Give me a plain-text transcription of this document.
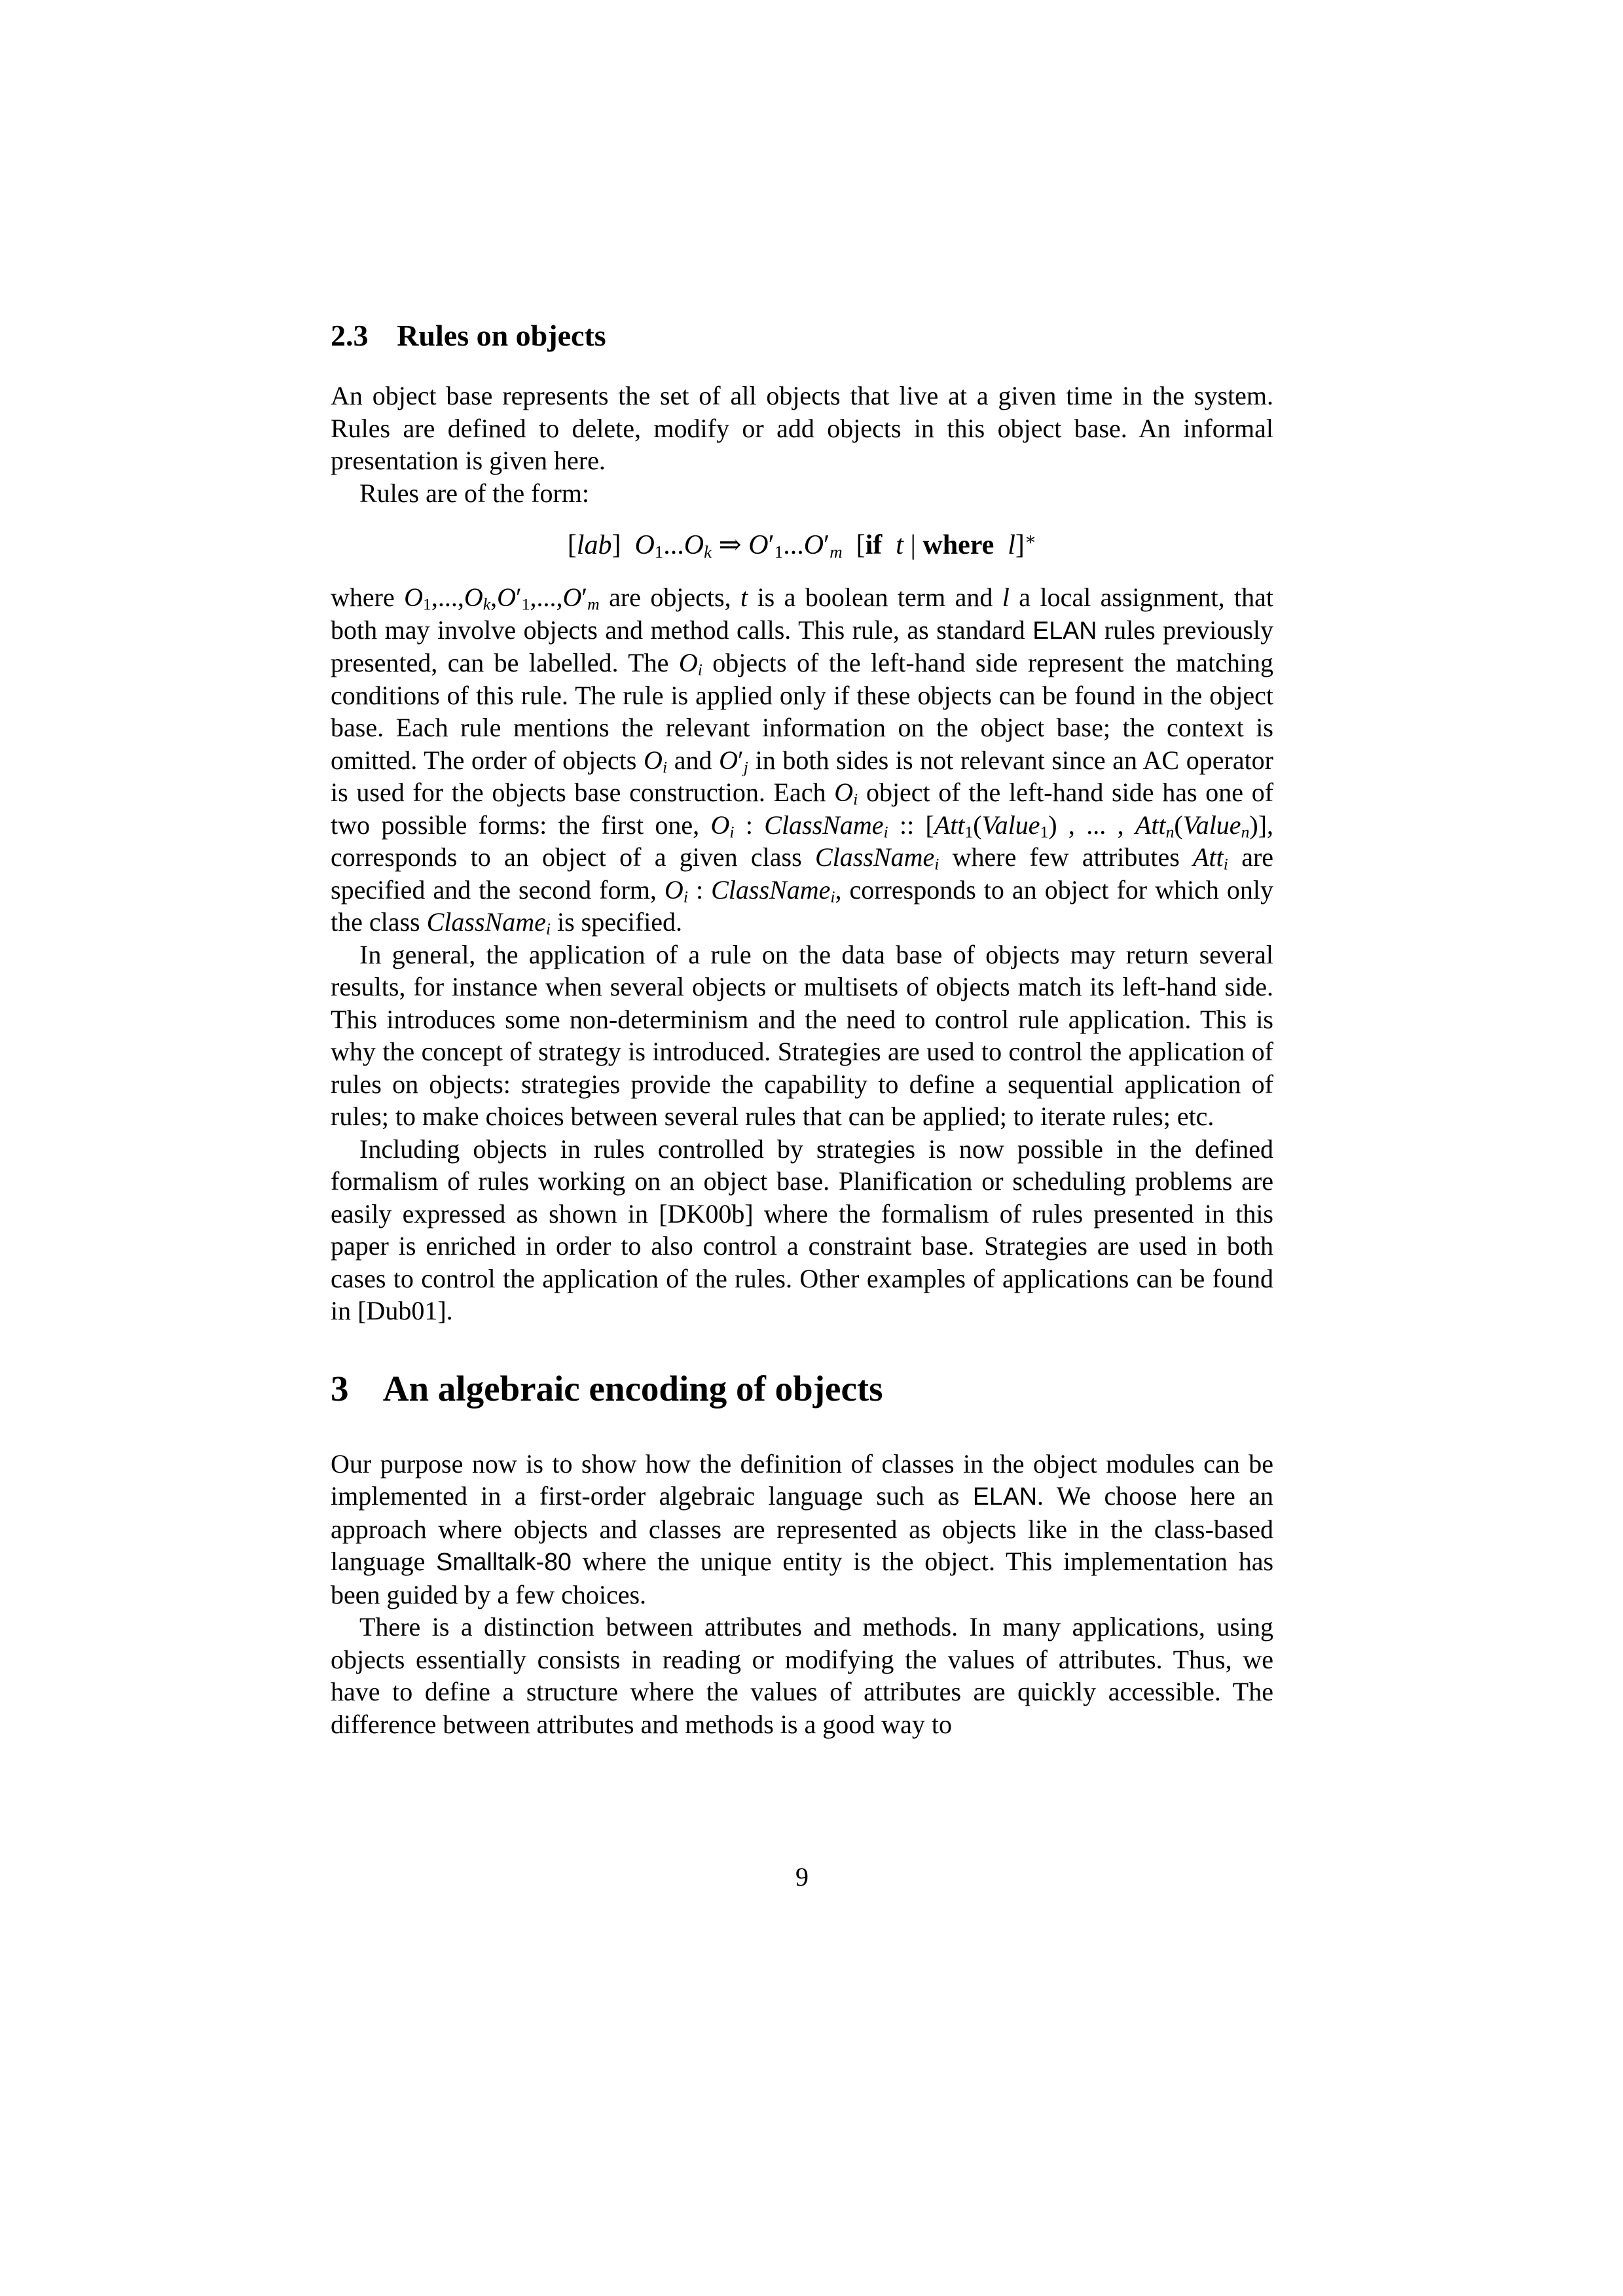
2.3 Rules on objects

An object base represents the set of all objects that live at a given time in the system. Rules are defined to delete, modify or add objects in this object base. An informal presentation is given here.

Rules are of the form:

[lab]  $O_1...O_k$ ⇒ $O'_1...O'_m$  [if t | where l]∗

where $O_1,...,O_k,O'_1,...,O'_m$ are objects, t is a boolean term and l a local assignment, that both may involve objects and method calls. This rule, as standard ELAN rules previously presented, can be labelled. The $O_i$ objects of the left-hand side represent the matching conditions of this rule. The rule is applied only if these objects can be found in the object base. Each rule mentions the relevant information on the object base; the context is omitted. The order of objects $O_i$ and $O'_j$ in both sides is not relevant since an AC operator is used for the objects base construction. Each $O_i$ object of the left-hand side has one of two possible forms: the first one, $O_i$ : ClassName$_i$ :: [Att$_1$(Value$_1$) , ... , Att$_n$(Value$_n$)], corresponds to an object of a given class ClassName$_i$ where few attributes Att$_i$ are specified and the second form, $O_i$ : ClassName$_i$, corresponds to an object for which only the class ClassName$_i$ is specified.

In general, the application of a rule on the data base of objects may return several results, for instance when several objects or multisets of objects match its left-hand side. This introduces some non-determinism and the need to control rule application. This is why the concept of strategy is introduced. Strategies are used to control the application of rules on objects: strategies provide the capability to define a sequential application of rules; to make choices between several rules that can be applied; to iterate rules; etc.

Including objects in rules controlled by strategies is now possible in the defined formalism of rules working on an object base. Planification or scheduling problems are easily expressed as shown in [DK00b] where the formalism of rules presented in this paper is enriched in order to also control a constraint base. Strategies are used in both cases to control the application of the rules. Other examples of applications can be found in [Dub01].

3 An algebraic encoding of objects

Our purpose now is to show how the definition of classes in the object modules can be implemented in a first-order algebraic language such as ELAN. We choose here an approach where objects and classes are represented as objects like in the class-based language Smalltalk-80 where the unique entity is the object. This implementation has been guided by a few choices.

There is a distinction between attributes and methods. In many applications, using objects essentially consists in reading or modifying the values of attributes. Thus, we have to define a structure where the values of attributes are quickly accessible. The difference between attributes and methods is a good way to

9
